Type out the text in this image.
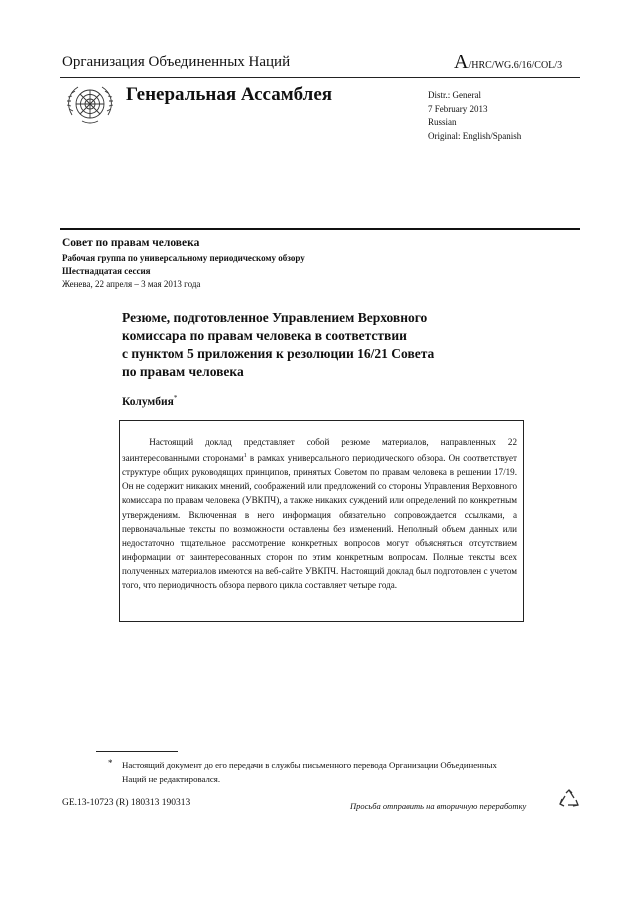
Организация Объединенных Наций	A/HRC/WG.6/16/COL/3
Генеральная Ассамблея	Distr.: General
7 February 2013
Russian
Original: English/Spanish
Совет по правам человека
Рабочая группа по универсальному периодическому обзору
Шестнадцатая сессия
Женева, 22 апреля – 3 мая 2013 года
Резюме, подготовленное Управлением Верховного
комиссара по правам человека в соответствии
с пунктом 5 приложения к резолюции 16/21 Совета
по правам человека
Колумбия*
   Настоящий доклад представляет собой резюме материалов, направленных 22 заинтересованными сторонами$^1$ в рамках универсального периодического обзора. Он соответствует структуре общих руководящих принципов, принятых Советом по правам человека в решении 17/19. Он не содержит никаких мнений, соображений или предложений со стороны Управления Верховного комиссара по правам человека (УВКПЧ), а также никаких суждений или определений по конкретным утверждениям. Включенная в него информация обязательно сопровождается ссылками, а первоначальные тексты по возможности оставлены без изменений. Неполный объем данных или недостаточно тщательное рассмотрение конкретных вопросов могут объясняться отсутствием информации от заинтересованных сторон по этим конкретным вопросам. Полные тексты всех полученных материалов имеются на веб-сайте УВКПЧ. Настоящий доклад был подготовлен с учетом того, что периодичность обзора первого цикла составляет четыре года.
* Настоящий документ до его передачи в службы письменного перевода Организации Объединенных Наций не редактировался.
GE.13-10723 (R) 180313 190313	Просьба отправить на вторичную переработку
